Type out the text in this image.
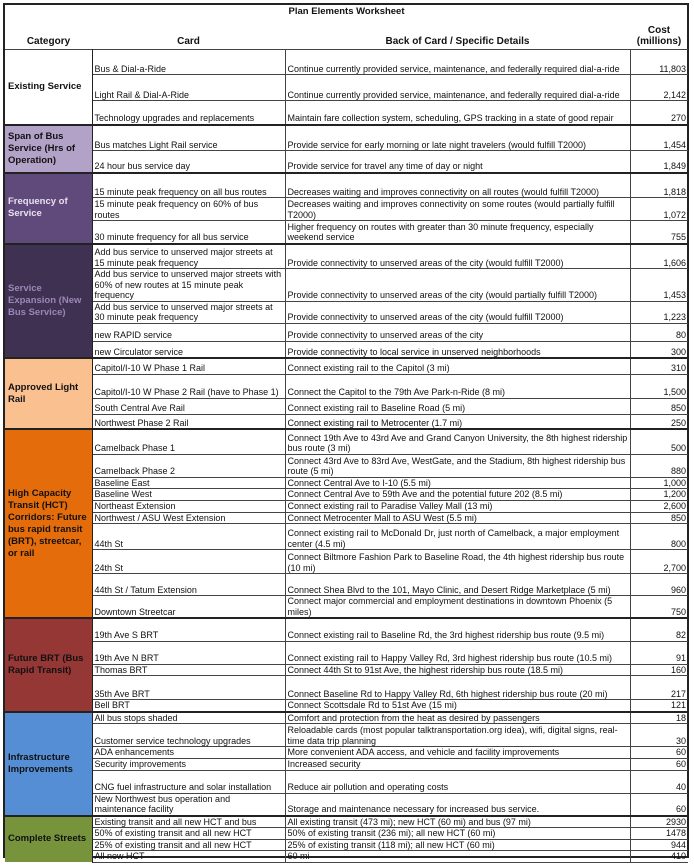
Plan Elements Worksheet			
Category	Card	Back of Card / Specific Details	Cost
(millions)
Existing Service	Bus & Dial-a-Ride	Continue currently provided service, maintenance, and federally required dial-a-ride	11,803
	Light Rail & Dial-A-Ride	Continue currently provided service, maintenance, and federally required dial-a-ride	2,142
	Technology upgrades and replacements	Maintain fare collection system, scheduling, GPS tracking in a state of good repair	270
Span of Bus Service (Hrs of Operation)	Bus matches Light Rail service	Provide service for early morning or late night travelers (would fulfill T2000)	1,454
	24 hour bus service day	Provide service for travel any time of day or night	1,849
Frequency of Service	15 minute peak frequency on all bus routes	Decreases waiting and improves connectivity on all routes (would fulfill T2000)	1,818
	15 minute peak frequency on 60% of bus routes	Decreases waiting and improves connectivity on some routes (would partially fulfill T2000)	1,072
	30 minute frequency for all bus service	Higher frequency on routes with greater than 30 minute frequency, especially weekend service	755
Service Expansion (New Bus Service)	Add bus service to unserved major streets at 15 minute peak frequency	Provide connectivity to unserved areas of the city (would fulfill T2000)	1,606
	Add bus service to unserved major streets with 60% of new routes at 15 minute peak frequency	Provide connectivity to unserved areas of the city (would partially fulfill T2000)	1,453
	Add bus service to unserved major streets at 30 minute peak frequency	Provide connectivity to unserved areas of the city (would fulfill T2000)	1,223
	new RAPID service	Provide connectivity to unserved areas of the city	80
	new Circulator service	Provide connectivity to local service in unserved neighborhoods	300
Approved Light Rail	Capitol/I-10 W Phase 1 Rail	Connect existing rail to the Capitol (3 mi)	310
	Capitol/I-10 W Phase 2 Rail (have to Phase 1)	Connect the Capitol to the 79th Ave Park-n-Ride (8 mi)	1,500
	South Central Ave Rail	Connect existing rail to Baseline Road (5 mi)	850
	Northwest Phase 2 Rail	Connect existing rail to Metrocenter (1.7 mi)	250
High Capacity Transit (HCT) Corridors: Future bus rapid transit (BRT), streetcar, or rail	Camelback Phase 1	Connect 19th Ave to 43rd Ave and Grand Canyon University, the 8th highest ridership bus route (3 mi)	500
	Camelback Phase 2	Connect 43rd Ave to 83rd Ave, WestGate, and the Stadium, 8th highest ridership bus route (5 mi)	880
	Baseline East	Connect Central Ave to I-10 (5.5 mi)	1,000
	Baseline West	Connect Central Ave to 59th Ave and the potential future 202 (8.5 mi)	1,200
	Northeast Extension	Connect existing rail to Paradise Valley Mall (13 mi)	2,600
	Northwest / ASU West Extension	Connect Metrocenter Mall to ASU West (5.5 mi)	850
	44th St	Connect existing rail to McDonald Dr, just north of Camelback, a major employment center (4.5 mi)	800
	24th St	Connect Biltmore Fashion Park to Baseline Road, the 4th highest ridership bus route (10 mi)	2,700
	44th St / Tatum Extension	Connect Shea Blvd to the 101, Mayo Clinic, and Desert Ridge Marketplace (5 mi)	960
	Downtown Streetcar	Connect major commercial and employment destinations in downtown Phoenix (5 miles)	750
Future BRT (Bus Rapid Transit)	19th Ave S BRT	Connect existing rail to Baseline Rd, the 3rd highest ridership bus route (9.5 mi)	82
	19th Ave N BRT	Connect existing rail to Happy Valley Rd, 3rd highest ridership bus route (10.5 mi)	91
	Thomas BRT	Connect 44th St to 91st Ave, the highest ridership bus route (18.5 mi)	160
	35th Ave BRT	Connect Baseline Rd to Happy Valley Rd, 6th highest ridership bus route (20 mi)	217
	Bell BRT	Connect Scottsdale Rd to 51st Ave (15 mi)	121
Infrastructure Improvements	All bus stops shaded	Comfort and protection from the heat as desired by passengers	18
	Customer service technology upgrades	Reloadable cards (most popular talktransportation.org idea), wifi, digital signs, real-time data trip planning	30
	ADA enhancements	More convenient ADA access, and vehicle and facility improvements	60
	Security improvements	Increased security	60
	CNG fuel infrastructure and solar installation	Reduce air pollution and operating costs	40
	New Northwest bus operation and maintenance facility	Storage and maintenance necessary for increased bus service.	60
Complete Streets	Existing transit and all new HCT and bus	All existing transit (473 mi); new HCT (60 mi) and bus (97 mi)	2930
	50% of existing transit and all new HCT	50% of existing transit (236 mi); all new HCT (60 mi)	1478
	25% of existing transit and all new HCT	25% of existing transit (118 mi); all new HCT (60 mi)	944
	All new HCT	60 mi	410
